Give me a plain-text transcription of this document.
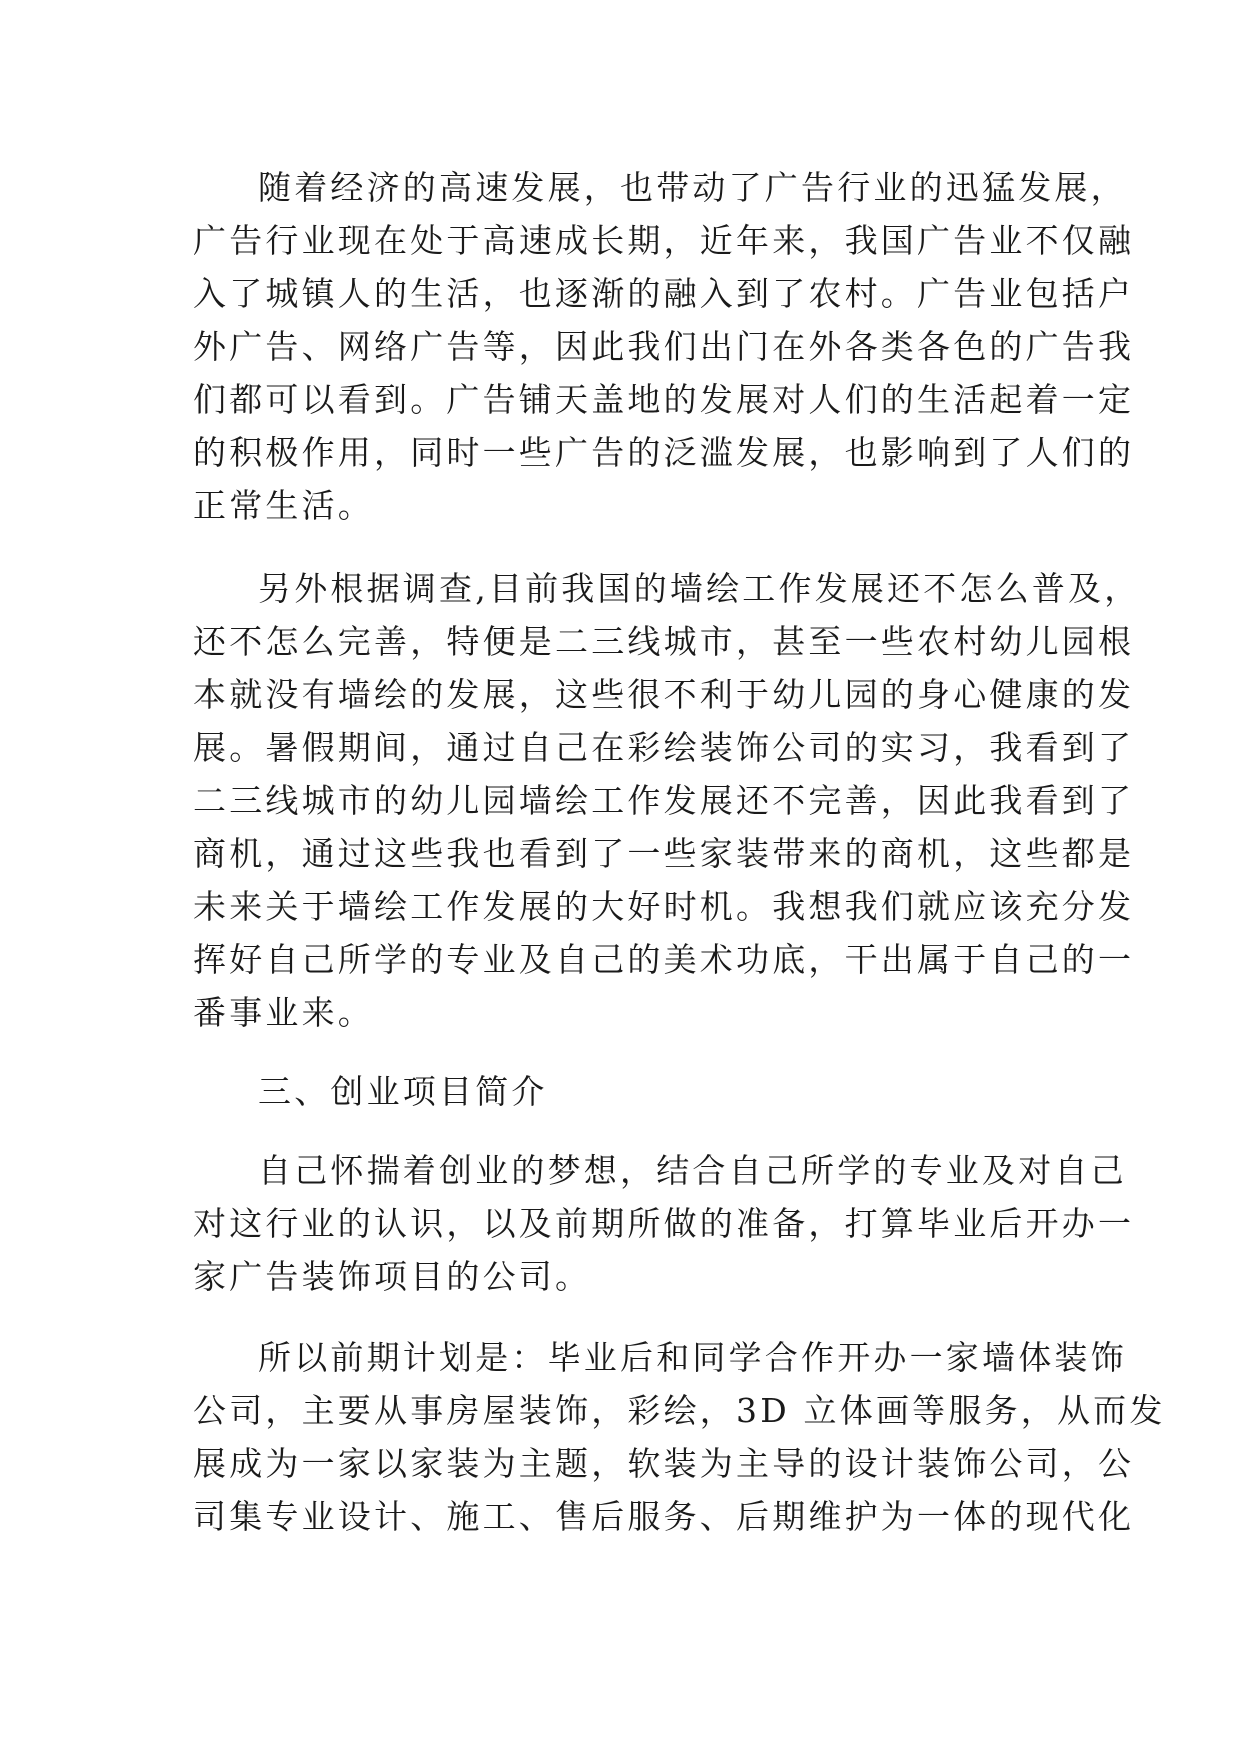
随着经济的高速发展，也带动了广告行业的迅猛发展，
广告行业现在处于高速成长期，近年来，我国广告业不仅融
入了城镇人的生活，也逐渐的融入到了农村。广告业包括户
外广告、网络广告等，因此我们出门在外各类各色的广告我
们都可以看到。广告铺天盖地的发展对人们的生活起着一定
的积极作用，同时一些广告的泛滥发展，也影响到了人们的
正常生活。
另外根据调查,目前我国的墙绘工作发展还不怎么普及，
还不怎么完善，特便是二三线城市，甚至一些农村幼儿园根
本就没有墙绘的发展，这些很不利于幼儿园的身心健康的发
展。暑假期间，通过自己在彩绘装饰公司的实习，我看到了
二三线城市的幼儿园墙绘工作发展还不完善，因此我看到了
商机，通过这些我也看到了一些家装带来的商机，这些都是
未来关于墙绘工作发展的大好时机。我想我们就应该充分发
挥好自己所学的专业及自己的美术功底，干出属于自己的一
番事业来。
三、创业项目简介
自己怀揣着创业的梦想，结合自己所学的专业及对自己
对这行业的认识，以及前期所做的准备，打算毕业后开办一
家广告装饰项目的公司。
所以前期计划是：毕业后和同学合作开办一家墙体装饰
公司，主要从事房屋装饰，彩绘，3D 立体画等服务，从而发
展成为一家以家装为主题，软装为主导的设计装饰公司，公
司集专业设计、施工、售后服务、后期维护为一体的现代化
